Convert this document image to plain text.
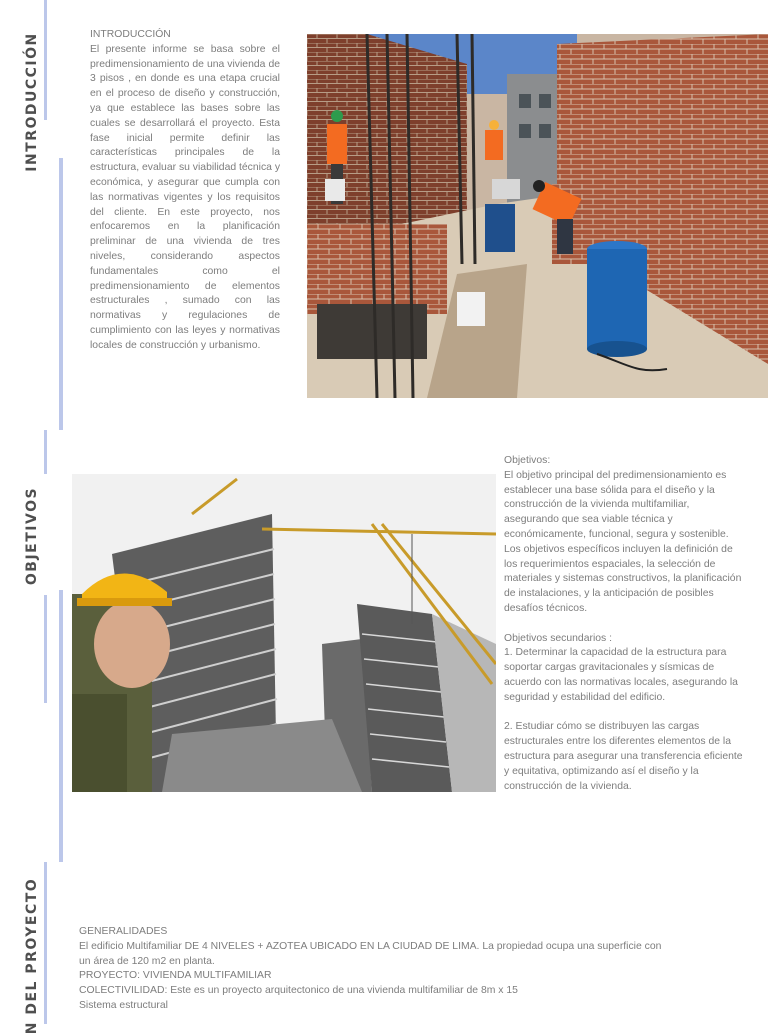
INTRODUCCIÓN
OBJETIVOS
N DEL PROYECTO

INTRODUCCIÓN

El presente informe se basa sobre el predimensionamiento de una vivienda de 3 pisos , en donde es una etapa crucial en el proceso de diseño y construcción, ya que establece las bases sobre las cuales se desarrollará el proyecto. Esta fase inicial permite definir las características principales de la estructura, evaluar su viabilidad técnica y económica, y asegurar que cumpla con las normativas vigentes y los requisitos del cliente. En este proyecto, nos enfocaremos en la planificación preliminar de una vivienda de tres niveles, considerando aspectos fundamentales como el predimensionamiento de elementos estructurales , sumado con las normativas y regulaciones de cumplimiento con las leyes y normativas locales de construcción y urbanismo.

Objetivos:

El objetivo principal del predimensionamiento es establecer una base sólida para el diseño y la construcción de la vivienda multifamiliar, asegurando que sea viable técnica y económicamente, funcional, segura y sostenible. Los objetivos específicos incluyen la definición de los requerimientos espaciales, la selección de materiales y sistemas constructivos, la planificación de instalaciones, y la anticipación de posibles desafíos técnicos.

Objetivos secundarios :

1. Determinar la capacidad de la estructura para soportar cargas gravitacionales y sísmicas de acuerdo con las normativas locales, asegurando la seguridad y estabilidad del edificio.

2. Estudiar cómo se distribuyen las cargas estructurales entre los diferentes elementos de la estructura para asegurar una transferencia eficiente y equitativa, optimizando así el diseño y la construcción de la vivienda.

GENERALIDADES

El edificio Multifamiliar DE 4 NIVELES + AZOTEA UBICADO EN LA CIUDAD DE LIMA. La propiedad ocupa una superficie con

un área de 120 m2 en planta.

PROYECTO: VIVIENDA MULTIFAMILIAR

COLECTIVILIDAD: Este es un proyecto arquitectonico de una vivienda multifamiliar de 8m x 15

Sistema estructural
